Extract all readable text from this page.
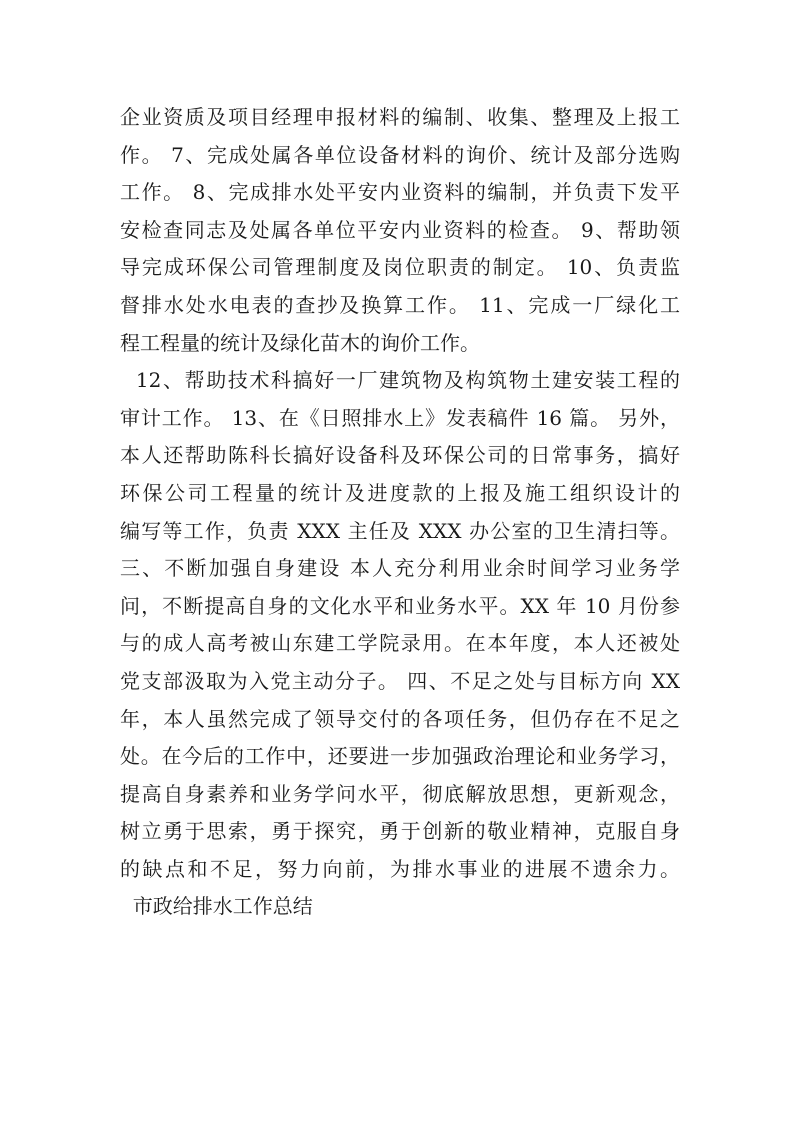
企业资质及项目经理申报材料的编制、收集、整理及上报工
作。 7、完成处属各单位设备材料的询价、统计及部分选购
工作。 8、完成排水处平安内业资料的编制，并负责下发平
安检查同志及处属各单位平安内业资料的检查。 9、帮助领
导完成环保公司管理制度及岗位职责的制定。 10、负责监
督排水处水电表的查抄及换算工作。 11、完成一厂绿化工
程工程量的统计及绿化苗木的询价工作。
12、帮助技术科搞好一厂建筑物及构筑物土建安装工程的
审计工作。 13、在《日照排水上》发表稿件 16 篇。 另外，
本人还帮助陈科长搞好设备科及环保公司的日常事务，搞好
环保公司工程量的统计及进度款的上报及施工组织设计的
编写等工作，负责 XXX 主任及 XXX 办公室的卫生清扫等。
三、不断加强自身建设 本人充分利用业余时间学习业务学
问，不断提高自身的文化水平和业务水平。XX 年 10 月份参
与的成人高考被山东建工学院录用。在本年度，本人还被处
党支部汲取为入党主动分子。 四、不足之处与目标方向 XX
年，本人虽然完成了领导交付的各项任务，但仍存在不足之
处。在今后的工作中，还要进一步加强政治理论和业务学习，
提高自身素养和业务学问水平，彻底解放思想，更新观念，
树立勇于思索，勇于探究，勇于创新的敬业精神，克服自身
的缺点和不足，努力向前，为排水事业的进展不遗余力。
市政给排水工作总结
